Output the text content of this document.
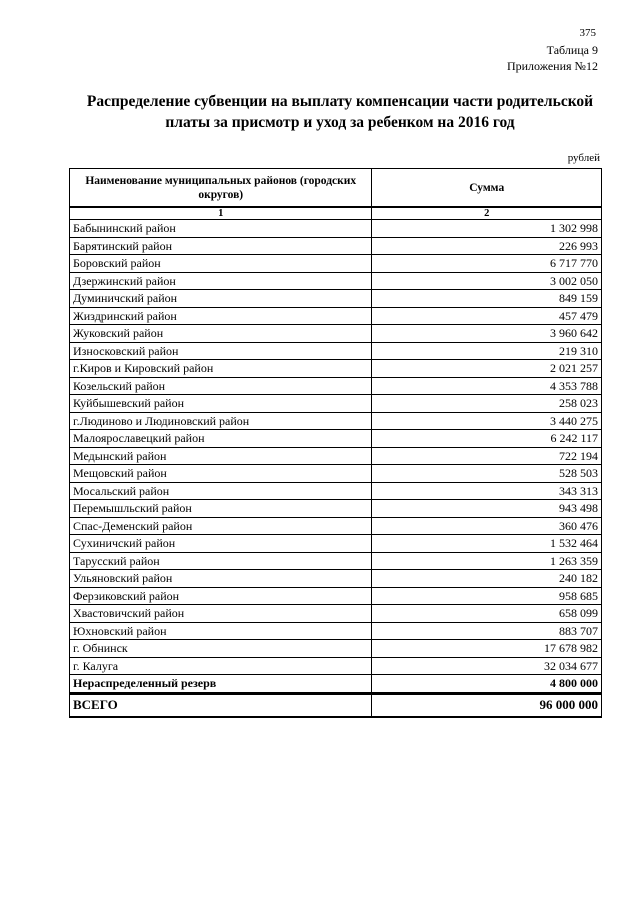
375
Таблица 9
Приложения №12
Распределение субвенции на выплату компенсации части родительской платы за присмотр и уход за ребенком на 2016 год
рублей
Наименование муниципальных районов (городских округов)	Сумма
1	2
Бабынинский район	1 302 998
Барятинский район	226 993
Боровский район	6 717 770
Дзержинский район	3 002 050
Думиничский район	849 159
Жиздринский район	457 479
Жуковский район	3 960 642
Износковский район	219 310
г.Киров и Кировский район	2 021 257
Козельский район	4 353 788
Куйбышевский район	258 023
г.Людиново и Людиновский район	3 440 275
Малоярославецкий район	6 242 117
Медынский район	722 194
Мещовский район	528 503
Мосальский район	343 313
Перемышльский район	943 498
Спас-Деменский район	360 476
Сухиничский район	1 532 464
Тарусский район	1 263 359
Ульяновский район	240 182
Ферзиковский район	958 685
Хвастовичский район	658 099
Юхновский район	883 707
г. Обнинск	17 678 982
г. Калуга	32 034 677
Нераспределенный резерв	4 800 000
ВСЕГО	96 000 000
